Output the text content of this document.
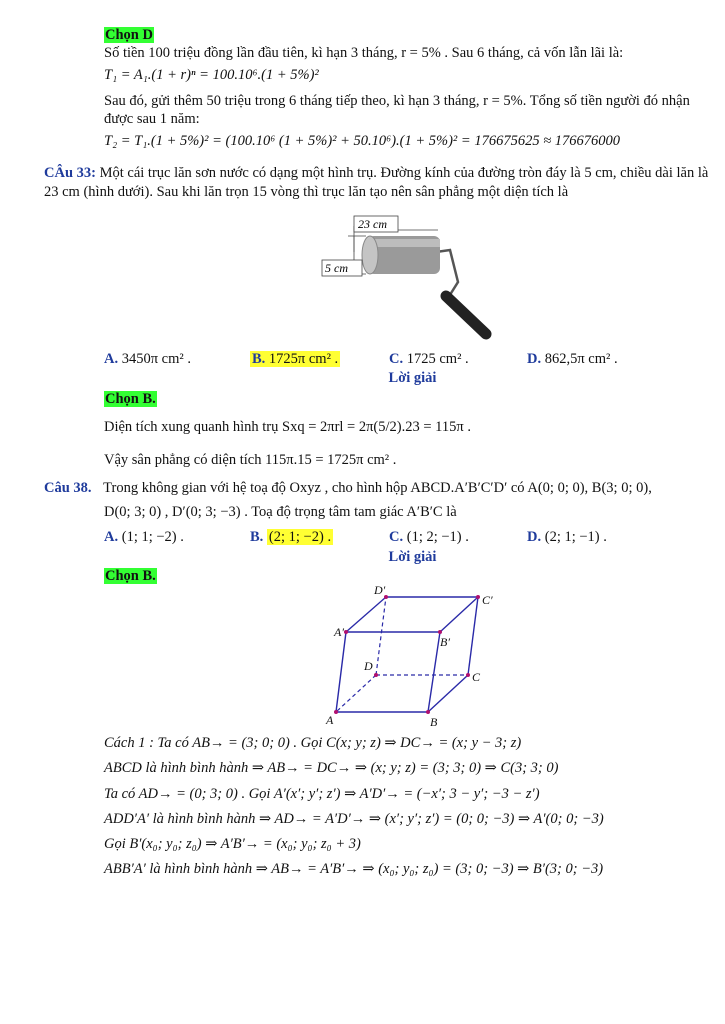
Chọn D
Số tiền 100 triệu đồng lần đầu tiên, kì hạn 3 tháng, r = 5% . Sau 6 tháng, cả vốn lẫn lãi là:
T₁ = A₁.(1 + r)ⁿ = 100.10⁶.(1 + 5%)²
Sau đó, gửi thêm 50 triệu trong 6 tháng tiếp theo, kì hạn 3 tháng, r = 5%. Tổng số tiền người đó nhận
được sau 1 năm:
T₂ = T₁.(1 + 5%)² = (100.10⁶ (1 + 5%)² + 50.10⁶).(1 + 5%)² = 176675625 ≈ 176676000
CÂu 33: Một cái trục lăn sơn nước có dạng một hình trụ. Đường kính của đường tròn đáy là 5 cm, chiều dài lăn là
23 cm (hình dưới). Sau khi lăn trọn 15 vòng thì trục lăn tạo nên sân phẳng một diện tích là
23 cm
5 cm
A. 3450π cm² .	B. 1725π cm² .	C. 1725 cm² .	D. 862,5π cm² .
Lời giải
Chọn B.
Diện tích xung quanh hình trụ Sxq = 2πrl = 2π(5/2).23 = 115π .
Vậy sân phẳng có diện tích 115π.15 = 1725π cm² .
Câu 38. Trong không gian với hệ toạ độ Oxyz , cho hình hộp ABCD.A′B′C′D′ có A(0; 0; 0), B(3; 0; 0),
D(0; 3; 0) , D′(0; 3; −3) . Toạ độ trọng tâm tam giác A′B′C là
A. (1; 1; −2) .	B. (2; 1; −2) .	C. (1; 2; −1) .	D. (2; 1; −1) .
Lời giải
Chọn B.
D′
C′
A′
B′
D
C
A	B
Cách 1 : Ta có AB→ = (3; 0; 0) . Gọi C(x; y; z) ⇒ DC→ = (x; y − 3; z)
ABCD là hình bình hành ⇒ AB→ = DC→ ⇒ (x; y; z) = (3; 3; 0) ⇒ C(3; 3; 0)
Ta có AD→ = (0; 3; 0) . Gọi A′(x′; y′; z′) ⇒ A′D′→ = (−x′; 3 − y′; −3 − z′)
ADD′A′ là hình bình hành ⇒ AD→ = A′D′→ ⇒ (x′; y′; z′) = (0; 0; −3) ⇒ A′(0; 0; −3)
Gọi B′(x₀; y₀; z₀) ⇒ A′B′→ = (x₀; y₀; z₀ + 3)
ABB′A′ là hình bình hành ⇒ AB→ = A′B′→ ⇒ (x₀; y₀; z₀) = (3; 0; −3) ⇒ B′(3; 0; −3)
